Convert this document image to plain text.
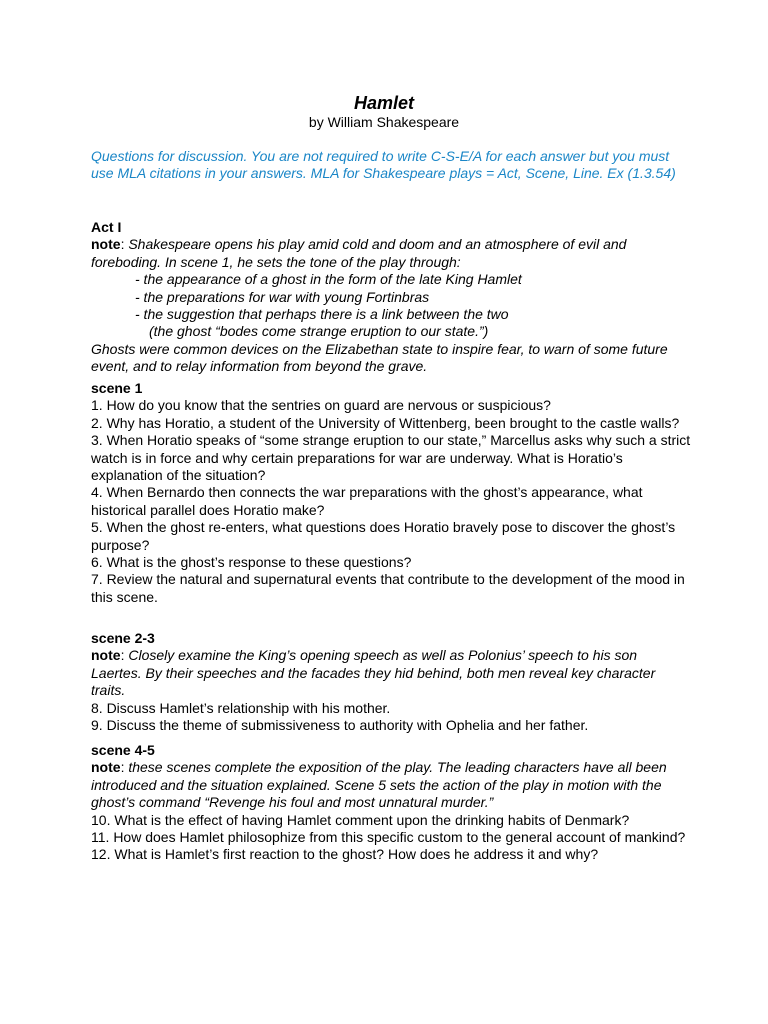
Hamlet
by William Shakespeare
Questions for discussion. You are not required to write C-S-E/A for each answer but you must use MLA citations in your answers. MLA for Shakespeare plays = Act, Scene, Line. Ex (1.3.54)

Act I

note: Shakespeare opens his play amid cold and doom and an atmosphere of evil and foreboding. In scene 1, he sets the tone of the play through:

- the appearance of a ghost in the form of the late King Hamlet

- the preparations for war with young Fortinbras

- the suggestion that perhaps there is a link between the two

(the ghost “bodes come strange eruption to our state.”)

Ghosts were common devices on the Elizabethan state to inspire fear, to warn of some future event, and to relay information from beyond the grave.

scene 1

1. How do you know that the sentries on guard are nervous or suspicious?

2. Why has Horatio, a student of the University of Wittenberg, been brought to the castle walls?

3. When Horatio speaks of “some strange eruption to our state,” Marcellus asks why such a strict watch is in force and why certain preparations for war are underway. What is Horatio’s explanation of the situation?

4. When Bernardo then connects the war preparations with the ghost’s appearance, what historical parallel does Horatio make?

5. When the ghost re-enters, what questions does Horatio bravely pose to discover the ghost’s purpose?

6. What is the ghost’s response to these questions?

7. Review the natural and supernatural events that contribute to the development of the mood in this scene.

scene 2-3

note: Closely examine the King’s opening speech as well as Polonius’ speech to his son Laertes. By their speeches and the facades they hid behind, both men reveal key character traits.

8. Discuss Hamlet’s relationship with his mother.

9. Discuss the theme of submissiveness to authority with Ophelia and her father.

scene 4-5

note: these scenes complete the exposition of the play. The leading characters have all been introduced and the situation explained. Scene 5 sets the action of the play in motion with the ghost’s command “Revenge his foul and most unnatural murder.”

10. What is the effect of having Hamlet comment upon the drinking habits of Denmark?

11. How does Hamlet philosophize from this specific custom to the general account of mankind?

12. What is Hamlet’s first reaction to the ghost? How does he address it and why?
